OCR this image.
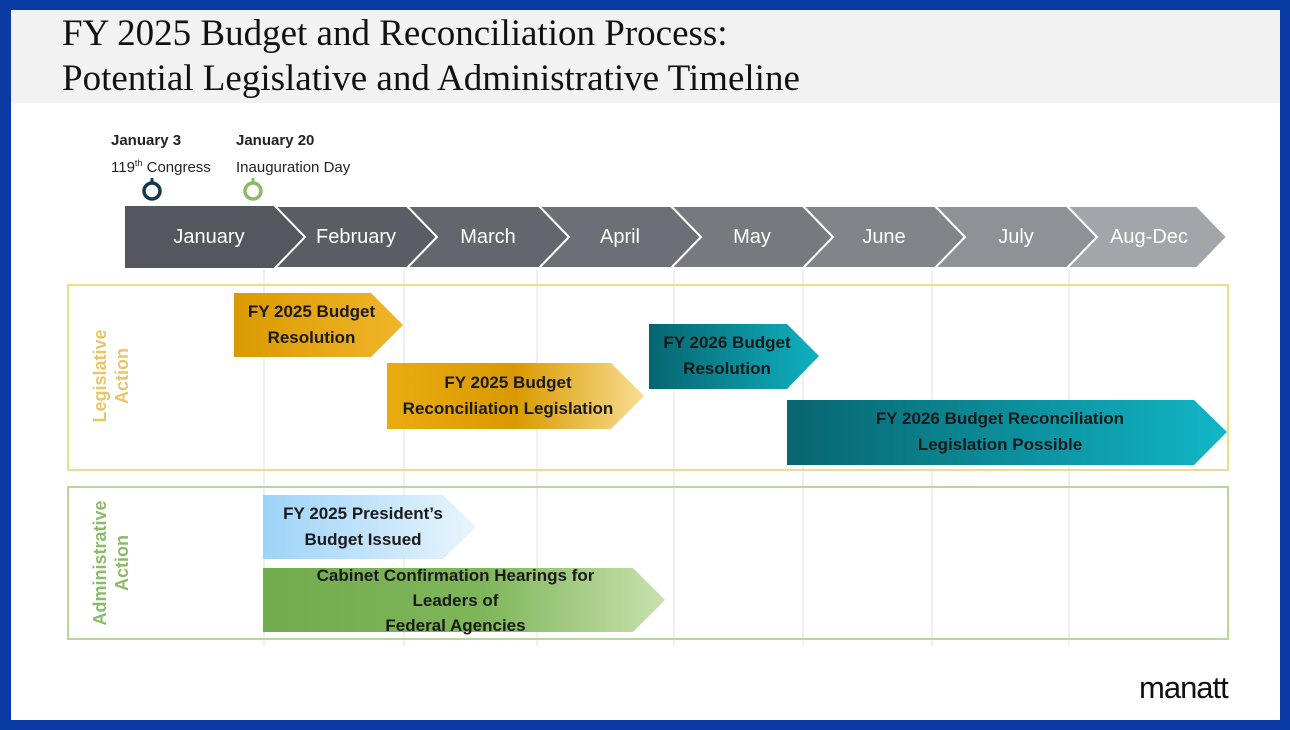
FY 2025 Budget and Reconciliation Process:
Potential Legislative and Administrative Timeline
January 3
119th Congress
January 20
Inauguration Day
January	February	March	April	May	June	July	Aug-Dec
Legislative Action
Administrative Action
FY 2025 Budget
Resolution
FY 2025 Budget
Reconciliation Legislation
FY 2026 Budget
Resolution
FY 2026 Budget Reconciliation
Legislation Possible
FY 2025 President’s
Budget Issued
Cabinet Confirmation Hearings for
Leaders of
Federal Agencies
manatt
